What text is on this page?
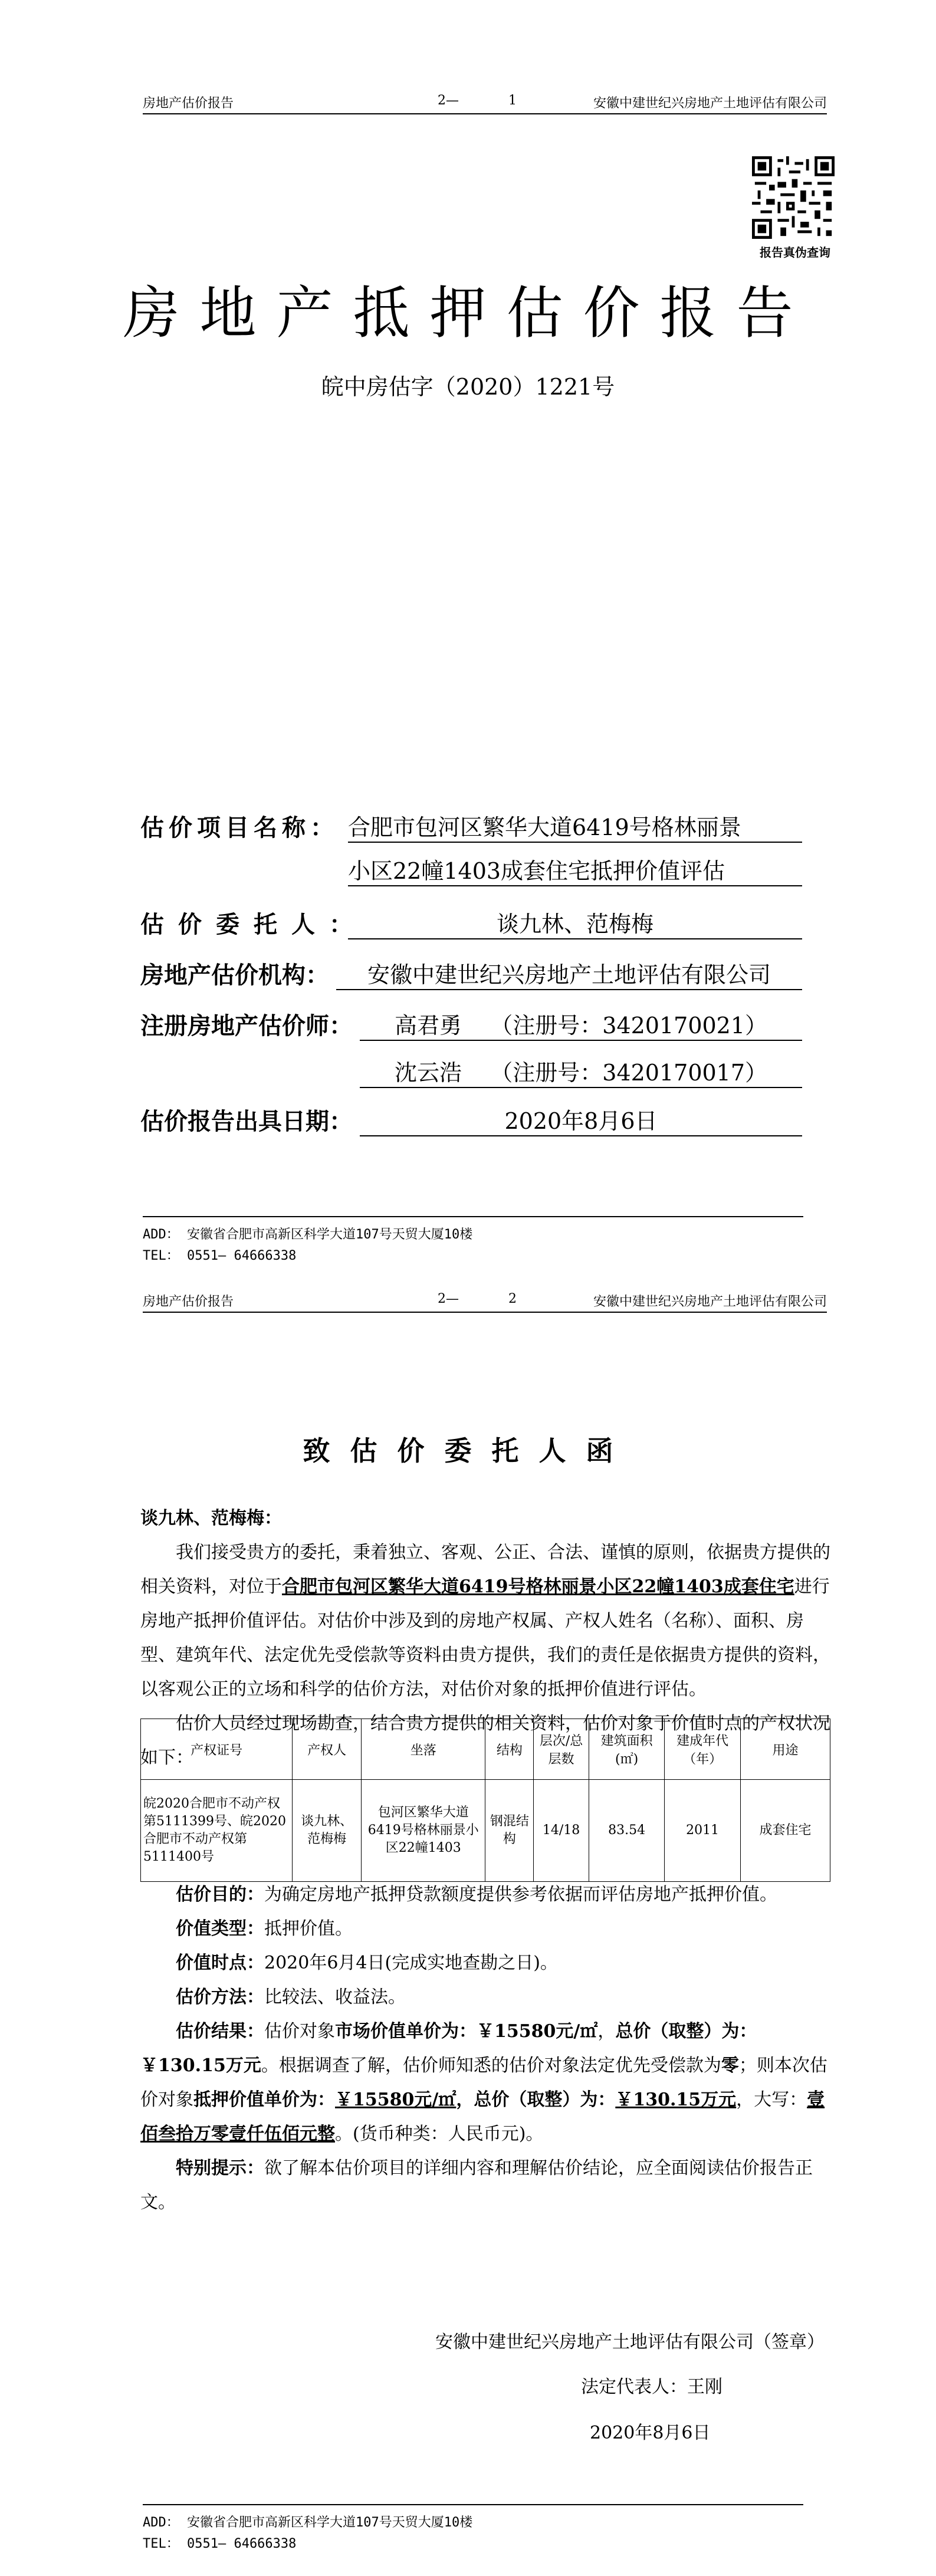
房地产估价报告	2—	1	安徽中建世纪兴房地产土地评估有限公司
报告真伪查询
房地产抵押估价报告
皖中房估字（2020）1221号
估价项目名称： 合肥市包河区繁华大道6419号格林丽景
小区22幢1403成套住宅抵押价值评估
估价委托人：	谈九林、范梅梅
房地产估价机构：	安徽中建世纪兴房地产土地评估有限公司
注册房地产估价师：	高君勇    （注册号：3420170021）
沈云浩    （注册号：3420170017）
估价报告出具日期：	2020年8月6日
ADD： 安徽省合肥市高新区科学大道107号天贸大厦10楼
TEL： 0551— 64666338
房地产估价报告	2—	2	安徽中建世纪兴房地产土地评估有限公司
致估价委托人函

谈九林、范梅梅：

我们接受贵方的委托，秉着独立、客观、公正、合法、谨慎的原则，依据贵方提供的相关资料，对位于合肥市包河区繁华大道6419号格林丽景小区22幢1403成套住宅进行房地产抵押价值评估。对估价中涉及到的房地产权属、产权人姓名（名称）、面积、房型、建筑年代、法定优先受偿款等资料由贵方提供，我们的责任是依据贵方提供的资料，以客观公正的立场和科学的估价方法，对估价对象的抵押价值进行评估。

估价人员经过现场勘查，结合贵方提供的相关资料，估价对象于价值时点的产权状况如下：

产权证号	产权人	坐落	结构	层次/总层数	建筑面积(㎡)	建成年代（年）	用途
皖2020合肥市不动产权第5111399号、皖2020合肥市不动产权第5111400号	谈九林、范梅梅	包河区繁华大道6419号格林丽景小区22幢1403	钢混结构	14/18	83.54	2011	成套住宅

估价目的：为确定房地产抵押贷款额度提供参考依据而评估房地产抵押价值。

价值类型：抵押价值。

价值时点：2020年6月4日(完成实地查勘之日)。

估价方法：比较法、收益法。

估价结果：估价对象市场价值单价为：￥15580元/㎡，总价（取整）为：￥130.15万元。根据调查了解，估价师知悉的估价对象法定优先受偿款为零；则本次估价对象抵押价值单价为：￥15580元/㎡，总价（取整）为：￥130.15万元，大写：壹佰叁拾万零壹仟伍佰元整。(货币种类：人民币元)。

特别提示：欲了解本估价项目的详细内容和理解估价结论，应全面阅读估价报告正文。

安徽中建世纪兴房地产土地评估有限公司（签章）
法定代表人：王刚
2020年8月6日
ADD： 安徽省合肥市高新区科学大道107号天贸大厦10楼
TEL： 0551— 64666338
